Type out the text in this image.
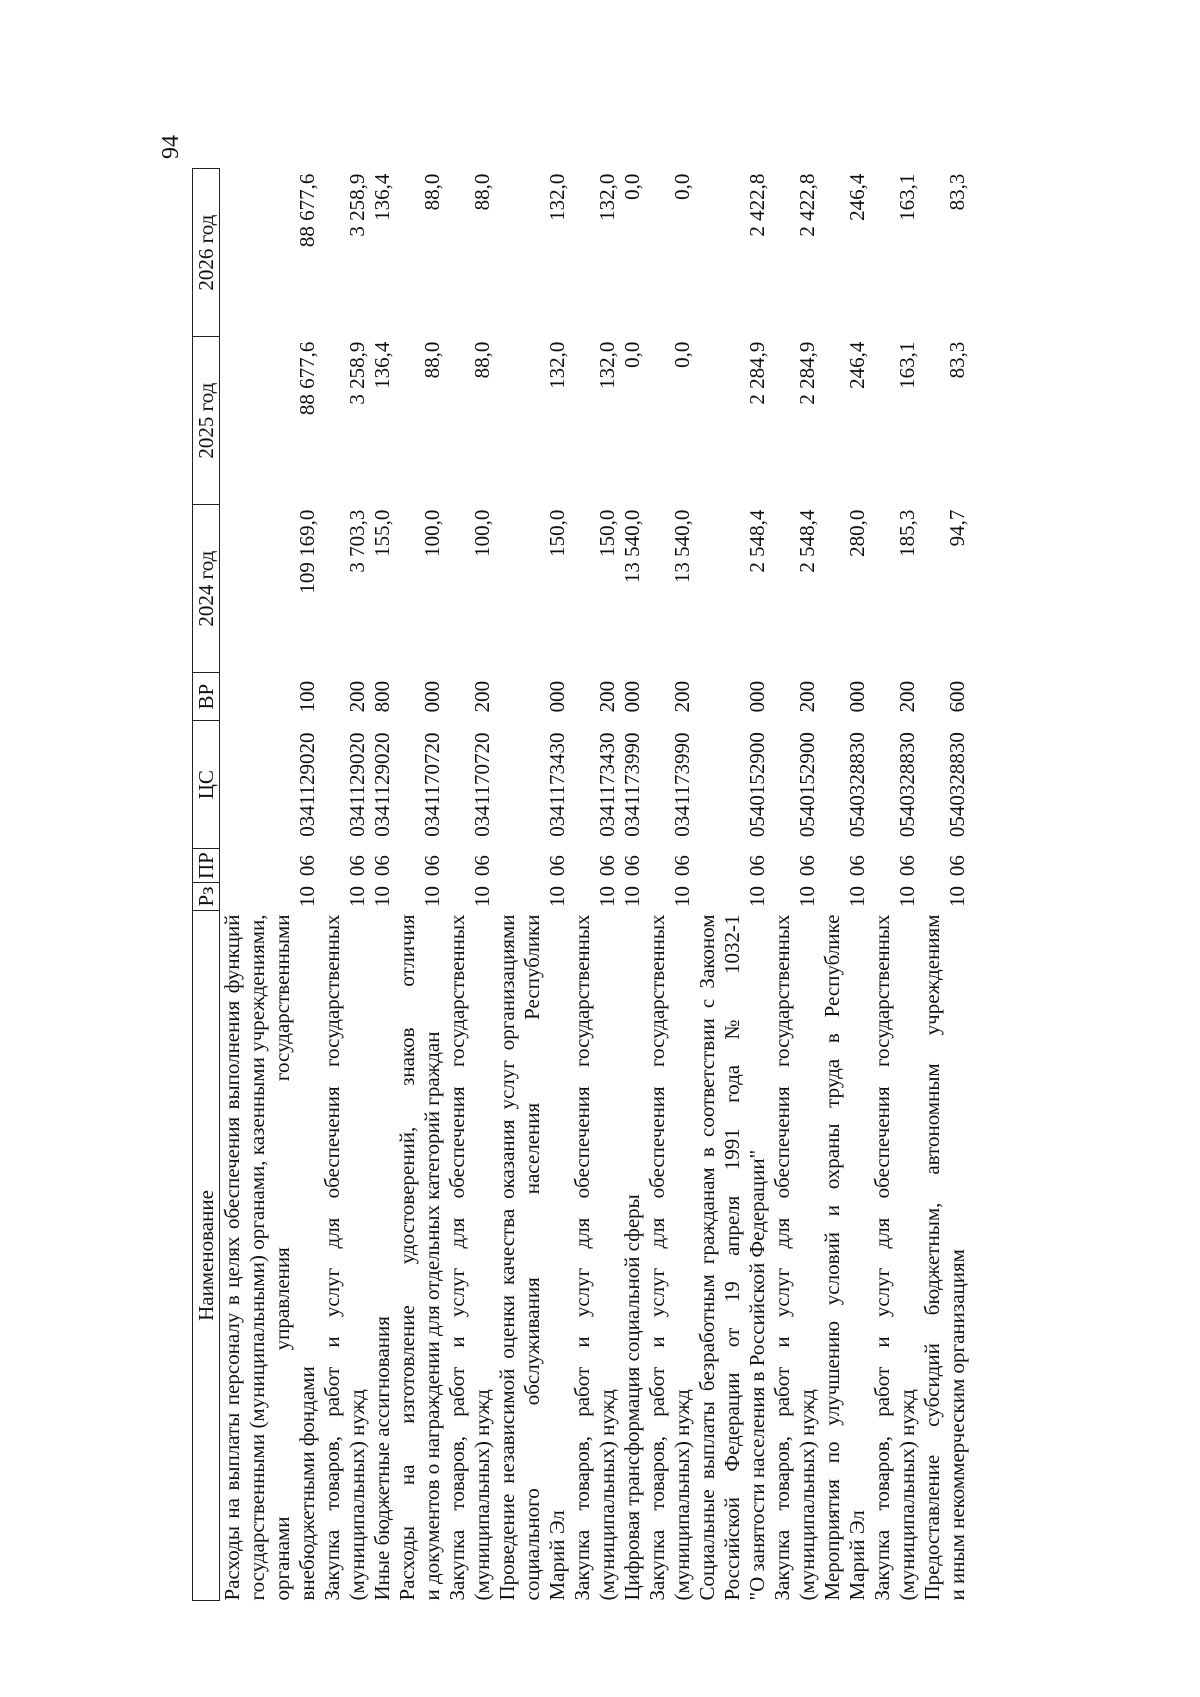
94
Наименование	Рз	ПР	ЦС	ВР	2024 год	2025 год	2026 год
Расходы на выплаты персоналу в целях обеспечения выполнения функций государственными (муниципальными) органами, казенными учреждениями, органами управления государственными внебюджетными фондами	10	06	0341129020	100	109 169,0	88 677,6	88 677,6
Закупка товаров, работ и услуг для обеспечения государственных (муниципальных) нужд	10	06	0341129020	200	3 703,3	3 258,9	3 258,9

Иные бюджетные ассигнования	10	06	0341129020	800	155,0	136,4	136,4
Расходы на изготовление удостоверений, знаков отличия и документов о награждении для отдельных категорий граждан	10	06	0341170720	000	100,0	88,0	88,0
Закупка товаров, работ и услуг для обеспечения государственных (муниципальных) нужд	10	06	0341170720	200	100,0	88,0	88,0
Проведение независимой оценки качества оказания услуг организациями социального обслуживания населения Республики Марий Эл	10	06	0341173430	000	150,0	132,0	132,0
Закупка товаров, работ и услуг для обеспечения государственных (муниципальных) нужд	10	06	0341173430	200	150,0	132,0	132,0

Цифровая трансформация социальной сферы	10	06	0341173990	000	13 540,0	0,0	0,0
Закупка товаров, работ и услуг для обеспечения государственных (муниципальных) нужд	10	06	0341173990	200	13 540,0	0,0	0,0
Социальные выплаты безработным гражданам в соответствии с Законом Российской Федерации от 19 апреля 1991 года № 1032-1 "О занятости населения в Российской Федерации"	10	06	0540152900	000	2 548,4	2 284,9	2 422,8
Закупка товаров, работ и услуг для обеспечения государственных (муниципальных) нужд	10	06	0540152900	200	2 548,4	2 284,9	2 422,8
Мероприятия по улучшению условий и охраны труда в Республике Марий Эл	10	06	0540328830	000	280,0	246,4	246,4
Закупка товаров, работ и услуг для обеспечения государственных (муниципальных) нужд	10	06	0540328830	200	185,3	163,1	163,1
Предоставление субсидий бюджетным, автономным учреждениям и иным некоммерческим организациям	10	06	0540328830	600	94,7	83,3	83,3
